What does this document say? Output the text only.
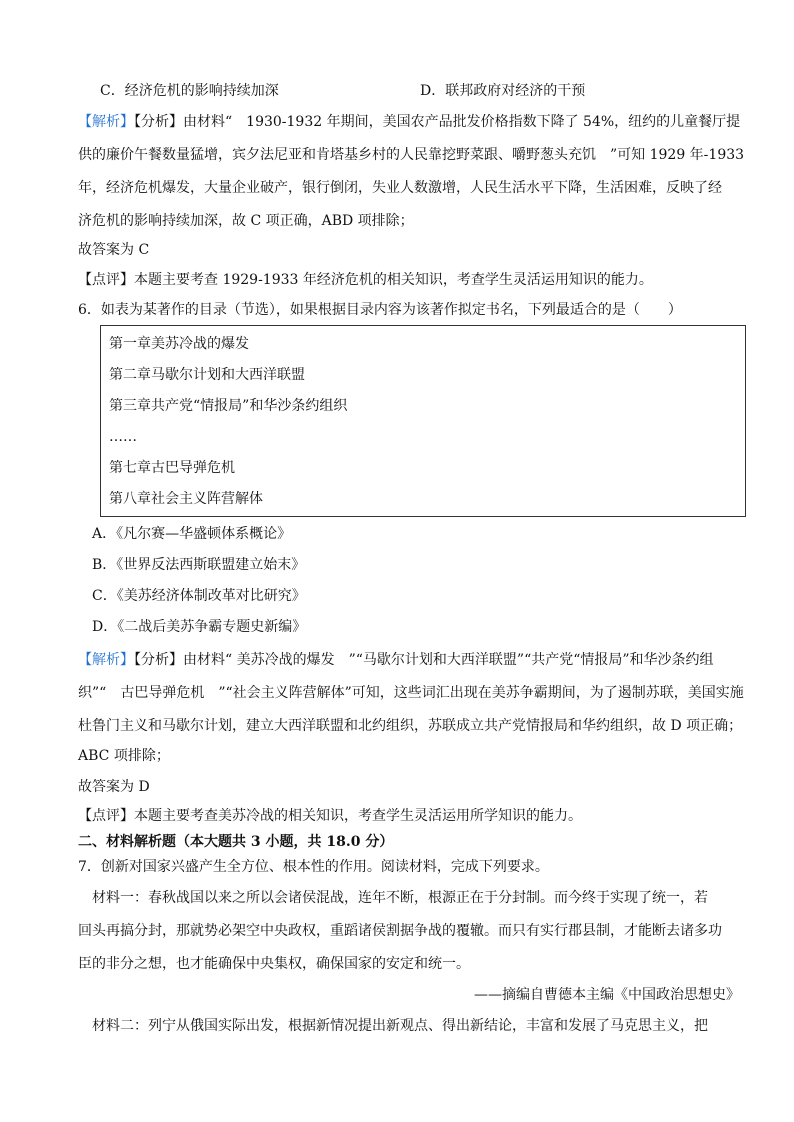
C．经济危机的影响持续加深	D．联邦政府对经济的干预
【解析】【分析】由材料“　1930-1932 年期间，美国农产品批发价格指数下降了 54%，纽约的儿童餐厅提
供的廉价午餐数量猛增，宾夕法尼亚和肯塔基乡村的人民靠挖野菜跟、嚼野葱头充饥　”可知 1929 年-1933
年，经济危机爆发，大量企业破产，银行倒闭，失业人数激增，人民生活水平下降，生活困难，反映了经
济危机的影响持续加深，故 C 项正确，ABD 项排除；
故答案为 C
【点评】本题主要考查 1929-1933 年经济危机的相关知识，考查学生灵活运用知识的能力。
6．如表为某著作的目录（节选），如果根据目录内容为该著作拟定书名，下列最适合的是（　　）
第一章美苏冷战的爆发
第二章马歇尔计划和大西洋联盟
第三章共产党“情报局”和华沙条约组织
……
第七章古巴导弹危机
第八章社会主义阵营解体
A．《凡尔赛—华盛顿体系概论》
B．《世界反法西斯联盟建立始末》
C．《美苏经济体制改革对比研究》
D．《二战后美苏争霸专题史新编》
【解析】【分析】由材料“ 美苏冷战的爆发　”“马歇尔计划和大西洋联盟”“共产党“情报局”和华沙条约组
织”“　古巴导弹危机　”“社会主义阵营解体”可知，这些词汇出现在美苏争霸期间，为了遏制苏联，美国实施
杜鲁门主义和马歇尔计划，建立大西洋联盟和北约组织，苏联成立共产党情报局和华约组织，故 D 项正确；
ABC 项排除；
故答案为 D
【点评】本题主要考查美苏冷战的相关知识，考查学生灵活运用所学知识的能力。
二、材料解析题（本大题共 3 小题，共 18.0 分）
7．创新对国家兴盛产生全方位、根本性的作用。阅读材料，完成下列要求。
材料一：春秋战国以来之所以会诸侯混战，连年不断，根源正在于分封制。而今终于实现了统一，若
回头再搞分封，那就势必架空中央政权，重蹈诸侯割据争战的覆辙。而只有实行郡县制，才能断去诸多功
臣的非分之想，也才能确保中央集权，确保国家的安定和统一。
——摘编自曹德本主编《中国政治思想史》
材料二：列宁从俄国实际出发，根据新情况提出新观点、得出新结论，丰富和发展了马克思主义，把
